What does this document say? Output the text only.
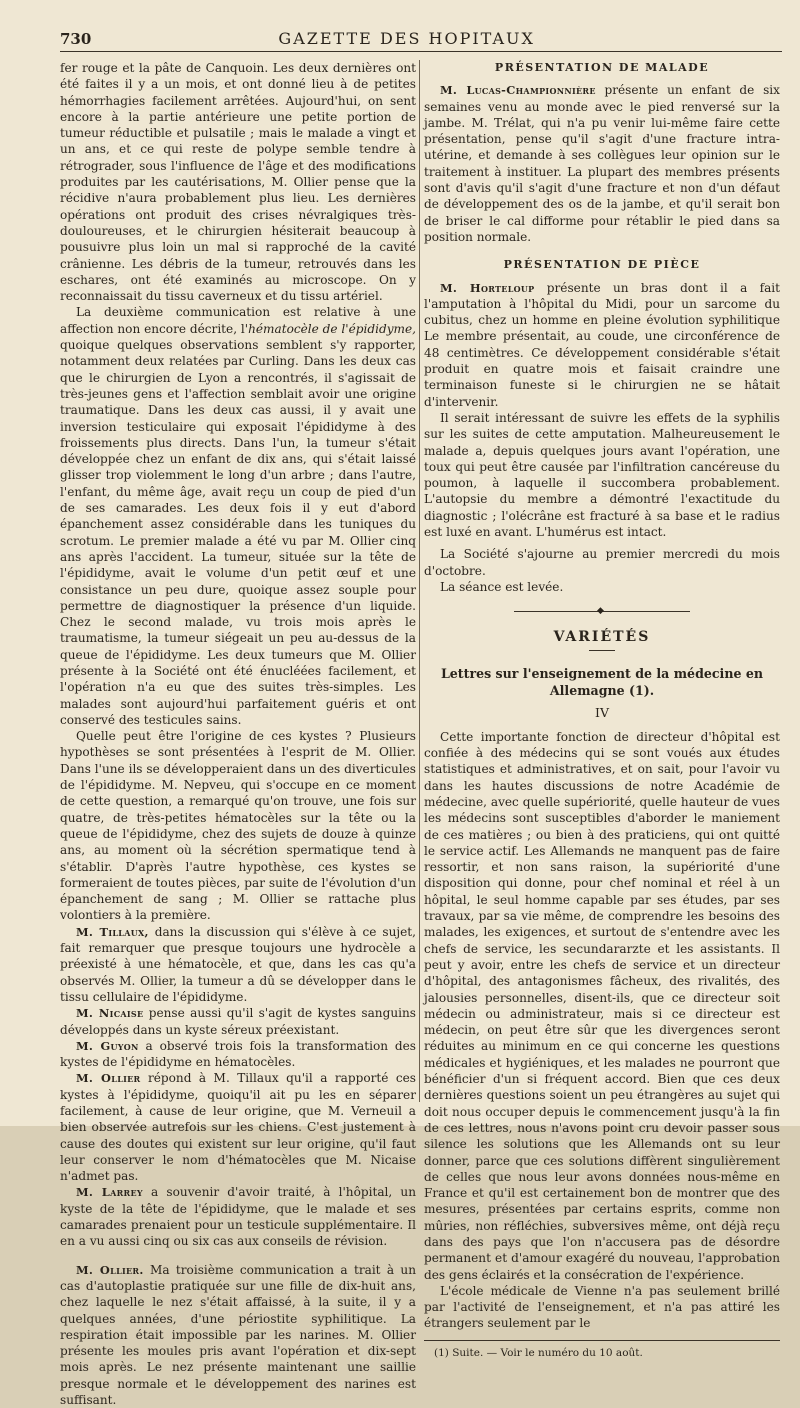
730	GAZETTE DES HOPITAUX

fer rouge et la pâte de Canquoin. Les deux dernières ont été faites il y a un mois, et ont donné lieu à de petites hémorrhagies facilement arrêtées. Aujourd'hui, on sent encore à la partie antérieure une petite portion de tumeur réductible et pulsatile ; mais le malade a vingt et un ans, et ce qui reste de polype semble tendre à rétrograder, sous l'influence de l'âge et des modifications produites par les cautérisations, M. Ollier pense que la récidive n'aura probablement plus lieu. Les dernières opérations ont produit des crises névralgiques très-douloureuses, et le chirurgien hésiterait beaucoup à pousuivre plus loin un mal si rapproché de la cavité crânienne. Les débris de la tumeur, retrouvés dans les eschares, ont été examinés au microscope. On y reconnaissait du tissu caverneux et du tissu artériel.

La deuxième communication est relative à une affection non encore décrite, l'hématocèle de l'épididyme, quoique quelques observations semblent s'y rapporter, notamment deux relatées par Curling. Dans les deux cas que le chirurgien de Lyon a rencontrés, il s'agissait de très-jeunes gens et l'affection semblait avoir une origine traumatique. Dans les deux cas aussi, il y avait une inversion testiculaire qui exposait l'épididyme à des froissements plus directs. Dans l'un, la tumeur s'était développée chez un enfant de dix ans, qui s'était laissé glisser trop violemment le long d'un arbre ; dans l'autre, l'enfant, du même âge, avait reçu un coup de pied d'un de ses camarades. Les deux fois il y eut d'abord épanchement assez considérable dans les tuniques du scrotum. Le premier malade a été vu par M. Ollier cinq ans après l'accident. La tumeur, située sur la tête de l'épididyme, avait le volume d'un petit œuf et une consistance un peu dure, quoique assez souple pour permettre de diagnostiquer la présence d'un liquide. Chez le second malade, vu trois mois après le traumatisme, la tumeur siégeait un peu au-dessus de la queue de l'épididyme. Les deux tumeurs que M. Ollier présente à la Société ont été énucléées facilement, et l'opération n'a eu que des suites très-simples. Les malades sont aujourd'hui parfaitement guéris et ont conservé des testicules sains.

Quelle peut être l'origine de ces kystes ? Plusieurs hypothèses se sont présentées à l'esprit de M. Ollier. Dans l'une ils se développeraient dans un des diverticules de l'épididyme. M. Nepveu, qui s'occupe en ce moment de cette question, a remarqué qu'on trouve, une fois sur quatre, de très-petites hématocèles sur la tête ou la queue de l'épididyme, chez des sujets de douze à quinze ans, au moment où la sécrétion spermatique tend à s'établir. D'après l'autre hypothèse, ces kystes se formeraient de toutes pièces, par suite de l'évolution d'un épanchement de sang ; M. Ollier se rattache plus volontiers à la première.

M. Tillaux, dans la discussion qui s'élève à ce sujet, fait remarquer que presque toujours une hydrocèle a préexisté à une hématocèle, et que, dans les cas qu'a observés M. Ollier, la tumeur a dû se développer dans le tissu cellulaire de l'épididyme.

M. Nicaise pense aussi qu'il s'agit de kystes sanguins développés dans un kyste séreux préexistant.

M. Guyon a observé trois fois la transformation des kystes de l'épididyme en hématocèles.

M. Ollier répond à M. Tillaux qu'il a rapporté ces kystes à l'épididyme, quoiqu'il ait pu les en séparer facilement, à cause de leur origine, que M. Verneuil a bien observée autrefois sur les chiens. C'est justement à cause des doutes qui existent sur leur origine, qu'il faut leur conserver le nom d'hématocèles que M. Nicaise n'admet pas.

M. Larrey a souvenir d'avoir traité, à l'hôpital, un kyste de la tête de l'épididyme, que le malade et ses camarades prenaient pour un testicule supplémentaire. Il en a vu aussi cinq ou six cas aux conseils de révision.

M. Ollier. Ma troisième communication a trait à un cas d'autoplastie pratiquée sur une fille de dix-huit ans, chez laquelle le nez s'était affaissé, à la suite, il y a quelques années, d'une périostite syphilitique. La respiration était impossible par les narines. M. Ollier présente les moules pris avant l'opération et dix-sept mois après. Le nez présente maintenant une saillie presque normale et le développement des narines est suffisant.

PRÉSENTATION DE MALADE

M. Lucas-Championnière présente un enfant de six semaines venu au monde avec le pied renversé sur la jambe. M. Trélat, qui n'a pu venir lui-même faire cette présentation, pense qu'il s'agit d'une fracture intra-utérine, et demande à ses collègues leur opinion sur le traitement à instituer. La plupart des membres présents sont d'avis qu'il s'agit d'une fracture et non d'un défaut de développement des os de la jambe, et qu'il serait bon de briser le cal difforme pour rétablir le pied dans sa position normale.

PRÉSENTATION DE PIÈCE

M. Horteloup présente un bras dont il a fait l'amputation à l'hôpital du Midi, pour un sarcome du cubitus, chez un homme en pleine évolution syphilitique Le membre présentait, au coude, une circonférence de 48 centimètres. Ce développement considérable s'était produit en quatre mois et faisait craindre une terminaison funeste si le chirurgien ne se hâtait d'intervenir.

Il serait intéressant de suivre les effets de la syphilis sur les suites de cette amputation. Malheureusement le malade a, depuis quelques jours avant l'opération, une toux qui peut être causée par l'infiltration cancéreuse du poumon, à laquelle il succombera probablement. L'autopsie du membre a démontré l'exactitude du diagnostic ; l'olécrâne est fracturé à sa base et le radius est luxé en avant. L'humérus est intact.

La Société s'ajourne au premier mercredi du mois d'octobre.

La séance est levée.

◆
VARIÉTÉS
Lettres sur l'enseignement de la médecine en Allemagne (1).
IV

Cette importante fonction de directeur d'hôpital est confiée à des médecins qui se sont voués aux études statistiques et administratives, et on sait, pour l'avoir vu dans les hautes discussions de notre Académie de médecine, avec quelle supériorité, quelle hauteur de vues les médecins sont susceptibles d'aborder le maniement de ces matières ; ou bien à des praticiens, qui ont quitté le service actif. Les Allemands ne manquent pas de faire ressortir, et non sans raison, la supériorité d'une disposition qui donne, pour chef nominal et réel à un hôpital, le seul homme capable par ses études, par ses travaux, par sa vie même, de comprendre les besoins des malades, les exigences, et surtout de s'entendre avec les chefs de service, les secundararzte et les assistants. Il peut y avoir, entre les chefs de service et un directeur d'hôpital, des antagonismes fâcheux, des rivalités, des jalousies personnelles, disent-ils, que ce directeur soit médecin ou administrateur, mais si ce directeur est médecin, on peut être sûr que les divergences seront réduites au minimum en ce qui concerne les questions médicales et hygiéniques, et les malades ne pourront que bénéficier d'un si fréquent accord. Bien que ces deux dernières questions soient un peu étrangères au sujet qui doit nous occuper depuis le commencement jusqu'à la fin de ces lettres, nous n'avons point cru devoir passer sous silence les solutions que les Allemands ont su leur donner, parce que ces solutions diffèrent singulièrement de celles que nous leur avons données nous-même en France et qu'il est certainement bon de montrer que des mesures, présentées par certains esprits, comme non mûries, non réfléchies, subversives même, ont déjà reçu dans des pays que l'on n'accusera pas de désordre permanent et d'amour exagéré du nouveau, l'approbation des gens éclairés et la consécration de l'expérience.

L'école médicale de Vienne n'a pas seulement brillé par l'activité de l'enseignement, et n'a pas attiré les étrangers seulement par le

(1) Suite. — Voir le numéro du 10 août.
